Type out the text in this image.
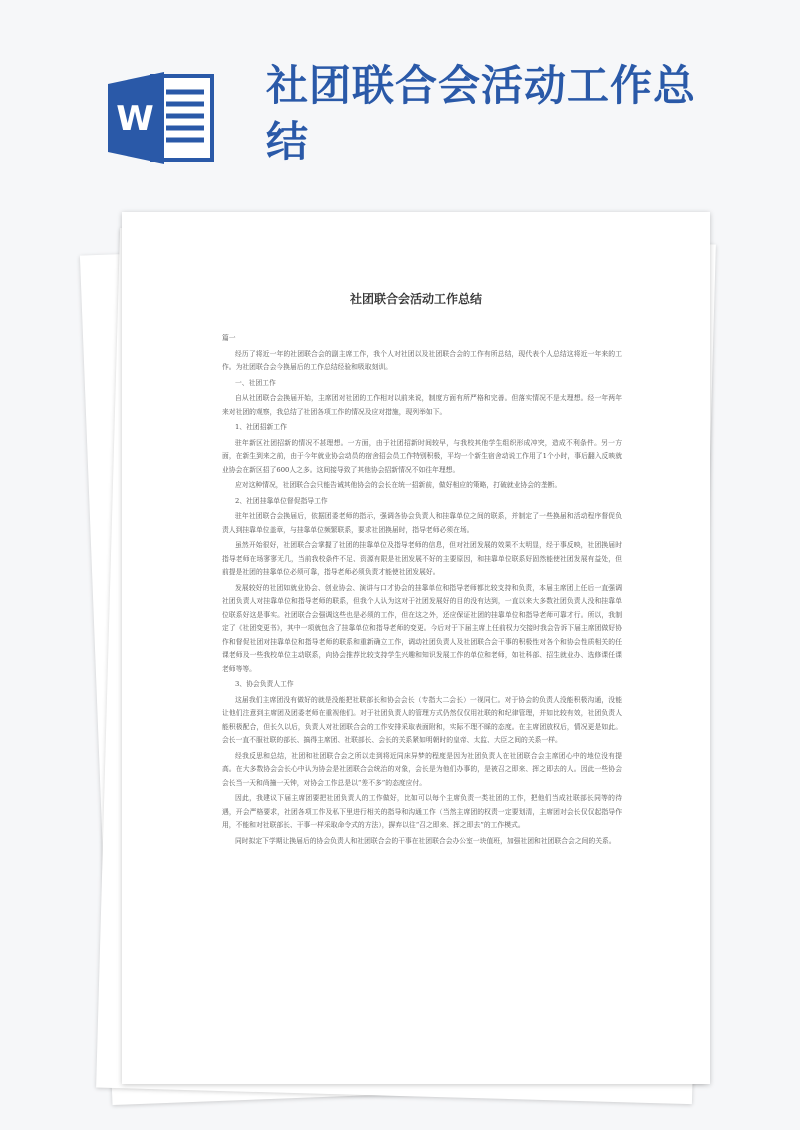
W
社团联合会活动工作总结
社团联合会活动工作总结

篇一

经历了将近一年的社团联合会的副主席工作，我个人对社团以及社团联合会的工作有所总结，现代表个人总结这将近一年来的工作。为社团联合会今换届后的工作总结经验和吸取刻训。

一、社团工作

自从社团联合会换届开始，主席团对社团的工作相对以前来说，制度方面有所严格和完善。但落实情况不是太理想。经一年两年来对社团的观察，我总结了社团各项工作的情况及应对措施，现列举如下。

1、社团招新工作

驻年新区社团招新的情况不甚理想。一方面，由于社团招新时间较早，与我校其他学生组织形成冲突，造成不利条件。另一方面，在新生到来之前，由于今年就业协会动员的宿舍招会员工作特别积极，平均一个新生宿舍动说工作用了1个小时，事后翻入反映就业协会在新区招了600人之多。这间接导致了其他协会招新情况不如往年理想。

应对这种情况，社团联合会只能告诫其他协会的会长在统一招新前，做好相应的策略，打破就业协会的垄断。

2、社团挂靠单位督促指导工作

驻年社团联合会换届后，依据团委老师的指示，强调各协会负责人和挂靠单位之间的联系，并制定了一些换届和活动程序督促负责人到挂靠单位盖章，与挂靠单位频繁联系，要求社团换届时，指导老师必须在场。

虽然开始很好，社团联合会掌握了社团的挂靠单位及指导老师的信息，但对社团发展的效果不太明显，经于事反映，社团换届时指导老师在场寥寥无几，当前我校条件不足、资源有限是社团发展不好的主要原因，和挂靠单位联系好固然能使社团发展有益处，但前提是社团的挂靠单位必须可靠，指导老师必须负责才能使社团发展好。

发展较好的社团如就业协会、创业协会、演讲与口才协会的挂靠单位和指导老师都比较支持和负责，本届主席团上任后一直强调社团负责人对挂靠单位和指导老师的联系，但我个人认为这对于社团发展好的目的没有达到，一直以来大多数社团负责人没和挂靠单位联系好这是事实。社团联合会强调这些也是必须的工作，但在这之外，还应保证社团的挂靠单位和指导老师可靠才行。所以，我制定了《社团变更书》，其中一项就包含了挂靠单位和指导老师的变更。今后对于下届主席上任前权力交接时我会告诉下届主席团做好协作和督促社团对挂靠单位和指导老师的联系和重新确立工作，调动社团负责人及社团联合会干事的积极性对各个和协会性质相关的任课老师及一些我校单位主动联系，向协会推荐比较支持学生兴趣和知识发展工作的单位和老师，如社科部、招生就业办、选修课任课老师等等。

3、协会负责人工作

这届我们主席团没有做好的就是没能把社联部长和协会会长（专指大二会长）一视同仁。对于协会的负责人没能积极沟通，没能让他们注意到主席团及团委老师在重视他们。对于社团负责人的管理方式仍然仅仅用社联的和纪律管理，并如比较有效，社团负责人能积极配合，但长久以后，负责人对社团联合会的工作安排采取表面附和，实际不理不睬的态度。在主席团放权后，情况更是如此。会长一直不服社联的部长、搞得主席团、社联部长、会长的关系紧如明朝时的皇帝、太监、大臣之间的关系一样。

经我反思和总结，社团和社团联合会之所以走到将近同床异梦的程度是因为社团负责人在社团联合会主席团心中的地位没有提高。在大多数协会会长心中认为协会是社团联合会统治的对象，会长是为他们办事的，是被召之即来、挥之即去的人。因此一些协会会长当一天和尚撞一天钟，对协会工作总是以“差不多”的态度应付。

因此，我建议下届主席团要把社团负责人的工作做好，比如可以每个主席负责一类社团的工作，把他们当成社联部长同等的待遇，开会严格要求，社团各项工作及私下里进行相关的指导和沟通工作（当然主席团的权责一定要划清，主席团对会长仅仅起指导作用，不能和对社联部长、干事一样采取命令式的方法），摒弃以往“召之即来、挥之即去”的工作模式。

同时拟定下学期让换届后的协会负责人和社团联合会的干事在社团联合会办公室一块值班，加强社团和社团联合会之间的关系。
